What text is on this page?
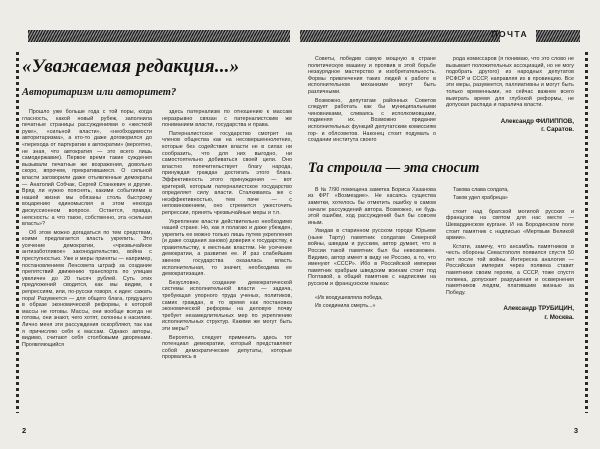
«Уважаемая редакция...»
Авторитаризм или авторитет?

Прошло уже больше года с той поры, когда гласность, какой новый рубеж, заполнила печатные страницы рассуждениями о «жесткой руке», «сильной власти», «необходимости авторитаризма», а кто-то даже договорился до «перехода от парткратии к автократии» (вероятно, не зная, что автократия — это всего лишь самодержавие). Первое время такие суждения вызывали печатные же возражения, довольно скоро, впрочем, прекратившиеся. О сильной власти заговорили даже отъявленные демократы — Анатолий Собчак, Сергей Станкевич и другие. Вряд ли нужно пояснять, какими событиями в нашей жизни мы обязаны столь быстрому воцарению единомыслия в этом некогда дискуссионном вопросе. Остается, правда, неясность: а что такое, собственно, эта «сильная власть»?

Об этом можно догадаться по тем средствам, коими предлагается власть укрепить. Это усечение демократии, «чрезвычайное антизаботливое» законодательство, война с преступностью. Уже и меры приняты — например, постановлением Ленсовета штраф за создание препятствий движению транспорта по улицам увеличен до 20 тысяч рублей. Суть этих предложений сводится, как мы видим, к репрессиям, или, по-русски говоря, к идее: сажать пора! Разумеется — для общего блага, грядущего в образе экономической реформы, к которой массы не готовы. Массы, они вообще всегда не готовы, они знают, чего хотят, склонны к насилию. Лично меня эти рассуждения оскорбляют, так как я причисляю себя к массам. Однако авторы, видимо, считают себя столбовыми дворянами. Проявляющийся

здесь патернализм по отношению к массам неразрывно связан с патерналистским же пониманием власти, государства и права.

Патерналистское государство смотрит на членов общества как на несовершеннолетних, которые без содействия власти не в силах ни сообразить, что для них выгодно, ни самостоятельно добиваться своей цели. Оно властно попечительствует благу народа, принуждая граждан достигать этого блага. Эффективность этого принуждения — вот критерий, которым патерналистское государство определяет силу власти. Сталкиваясь же с неэффективностью, тем паче — с неповиновением, оно стремится ужесточить репрессии, принять чрезвычайные меры и т.п.

Укрепление власти действительно необходимо нашей стране. Но, как я полагаю и даже убежден, укрепить ее можно только лишь путем укрепления (и даже создания заново) доверия к государству, к правительству, к местным властям. Не усечение демократии, а развитие ее. И раз слабейшим звеном государства оказалась власть исполнительная, то значит, необходима ее демократизация.

Безусловно, создание демократической системы исполнительной власти — задача, требующая упорного труда ученых, политиков, самих граждан, в то время как постановка экономической реформы на деловую почву требует незамедлительных мер по укреплению исполнительных структур. Какими же могут быть эти меры?

Вероятно, следует применить здесь тот потенциал демократии, который представляют собой демократические депутаты, которые прорвались в

2
ПОЧТА

Советы, победив самую мощную в стране политическую машину и проявив в этой борьбе незаурядное мастерство и изобретательность. Формы привлечения таких людей к работе в исполнительном механизме могут быть различными.

Возможно, депутатам районных Советов следует работать как бы муниципальными чиновниками, сливаясь с исполкомовцами, подменяя их. Возможно придание исполнительных функций депутатским комиссиям гор- и облсоветов. Наконец стоит подумать о создании института своего

рода комиссаров (я понимаю, что это слово не вызывает положительных ассоциаций, но не могу подобрать другого) из народных депутатов РСФСР и СССР, направляя их в провинцию. Все эти меры, разумеется, паллиативны и могут быть только временными, но сейчас важнее всего выиграть время для глубокой реформы, не допуская распада и паралича власти.

Александр ФИЛИППОВ,
г. Саратов.
Та строила — эта сносит

В № 7/90 помещена заметка Бориса Хазанова из ФРГ «Возмездие». Не касаясь существа заметки, хотелось бы отметить ошибку в самом начале рассуждений автора. Возможно, не будь этой ошибки, ход рассуждений был бы совсем иным.

Увидав в старинном русском городе Юрьеве (ныне Тарту) памятник солдатам Северной войны, шведам и русским, автор думает, что в России такой памятник был бы невозможен. Видимо, автор имеет в виду не Россию, а то, что именуют «СССР». Ибо в Российской империи памятник храбрым шведским воинам стоит под Полтавой, а общий памятник с надписями на русском и французском языках:

«Их воодушевляла победа,

Их соединила смерть...»

Такова слава солдата,

Таков удел храбреца»

стоит над братской могилой русских и французов на святом для нас месте — Шевардинском кургане. И на Бородинском поле стоит памятник с надписью «Мертвым Великой армии».

Кстати, замечу, что ансамбль памятников в честь обороны Севастополя появился спустя 50 лет после той войны. Интересна аналогия — Российская империя через полвека ставит памятники своим героям, а СССР, тоже спустя полвека, допускает разрушения и осквернения памятников людям, платившим жизнью за Победу.

Александр ТРУБИЦИН,
г. Москва.
3
